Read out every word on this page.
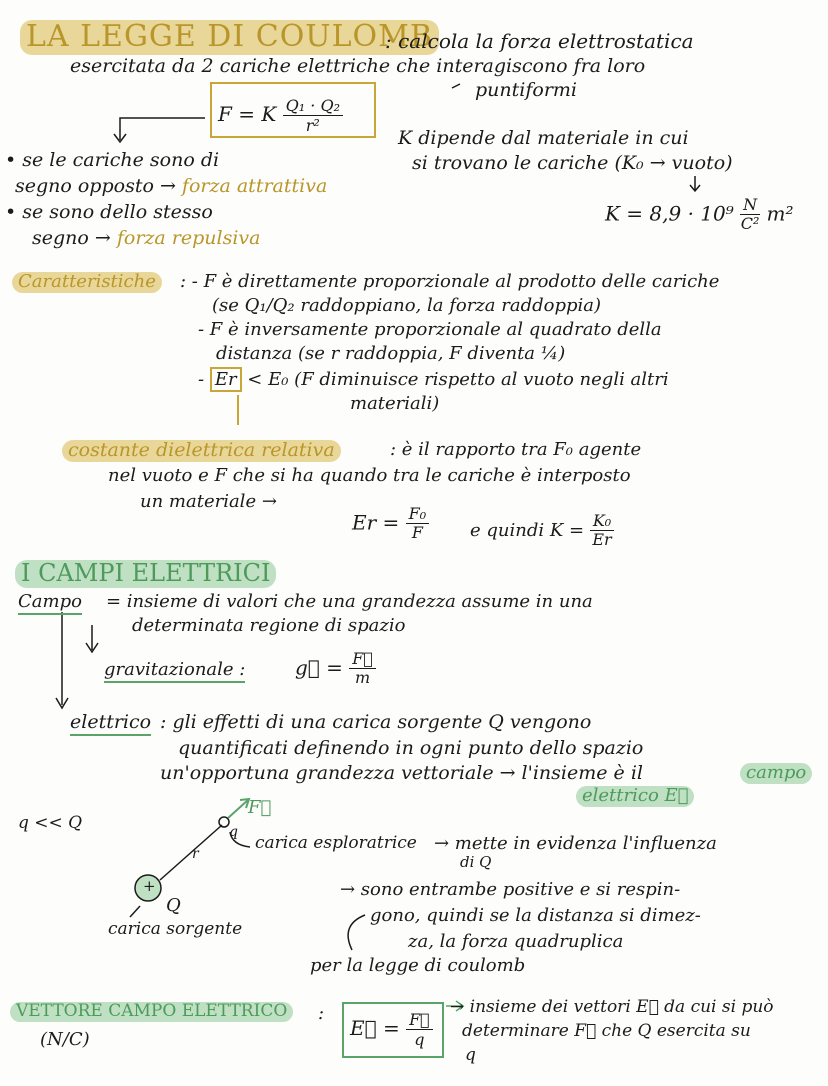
LA LEGGE DI COULOMB
: calcola la forza elettrostatica
esercitata da 2 cariche elettriche che interagiscono fra loro
puntiformi
F = K $\frac{\text{Q₁ · Q₂}}{\text{r²}}$
• se le cariche sono di
segno opposto → forza attrattiva
• se sono dello stesso
segno → forza repulsiva
K dipende dal materiale in cui
si trovano le cariche (K₀ → vuoto)
$K = 8,9 \cdot 10^9 \frac{N}{\text{C²}} m^2$
Caratteristiche	: - F è direttamente proporzionale al prodotto delle cariche
(se Q₁/Q₂ raddoppiano, la forza raddoppia)
- F è inversamente proporzionale al quadrato della
distanza (se r raddoppia, F diventa ¼)
- Εr < Ε₀ (F diminuisce rispetto al vuoto negli altri
materiali)
costante dielettrica relativa	: è il rapporto tra F₀ agente
nel vuoto e F che si ha quando tra le cariche è interposto
un materiale →
$Er = \frac{\text{F₀}}{F}$ e quindi $K = \frac{\text{K₀}}{Er}$
I CAMPI ELETTRICI
Campo = insieme di valori che una grandezza assume in una
determinata regione di spazio
gravitazionale : g⃗ = $\frac{F⃗}{m}$
elettrico : gli effetti di una carica sorgente Q vengono
quantificati definendo in ogni punto dello spazio
un'opportuna grandezza vettoriale → l'insieme è il	campo
elettrico E⃗
q << Q	q
r
F⃗
+
Q
carica sorgente
carica esploratrice → mette in evidenza l'influenza
di Q
→ sono entrambe positive e si respin-
gono, quindi se la distanza si dimez-
za, la forza quadruplica
per la legge di coulomb
VETTORE CAMPO ELETTRICO	:
(N/C)	E⃗ = $\frac{F⃗}{q}$
→ insieme dei vettori E⃗ da cui si può
determinare F⃗ che Q esercita su
q
